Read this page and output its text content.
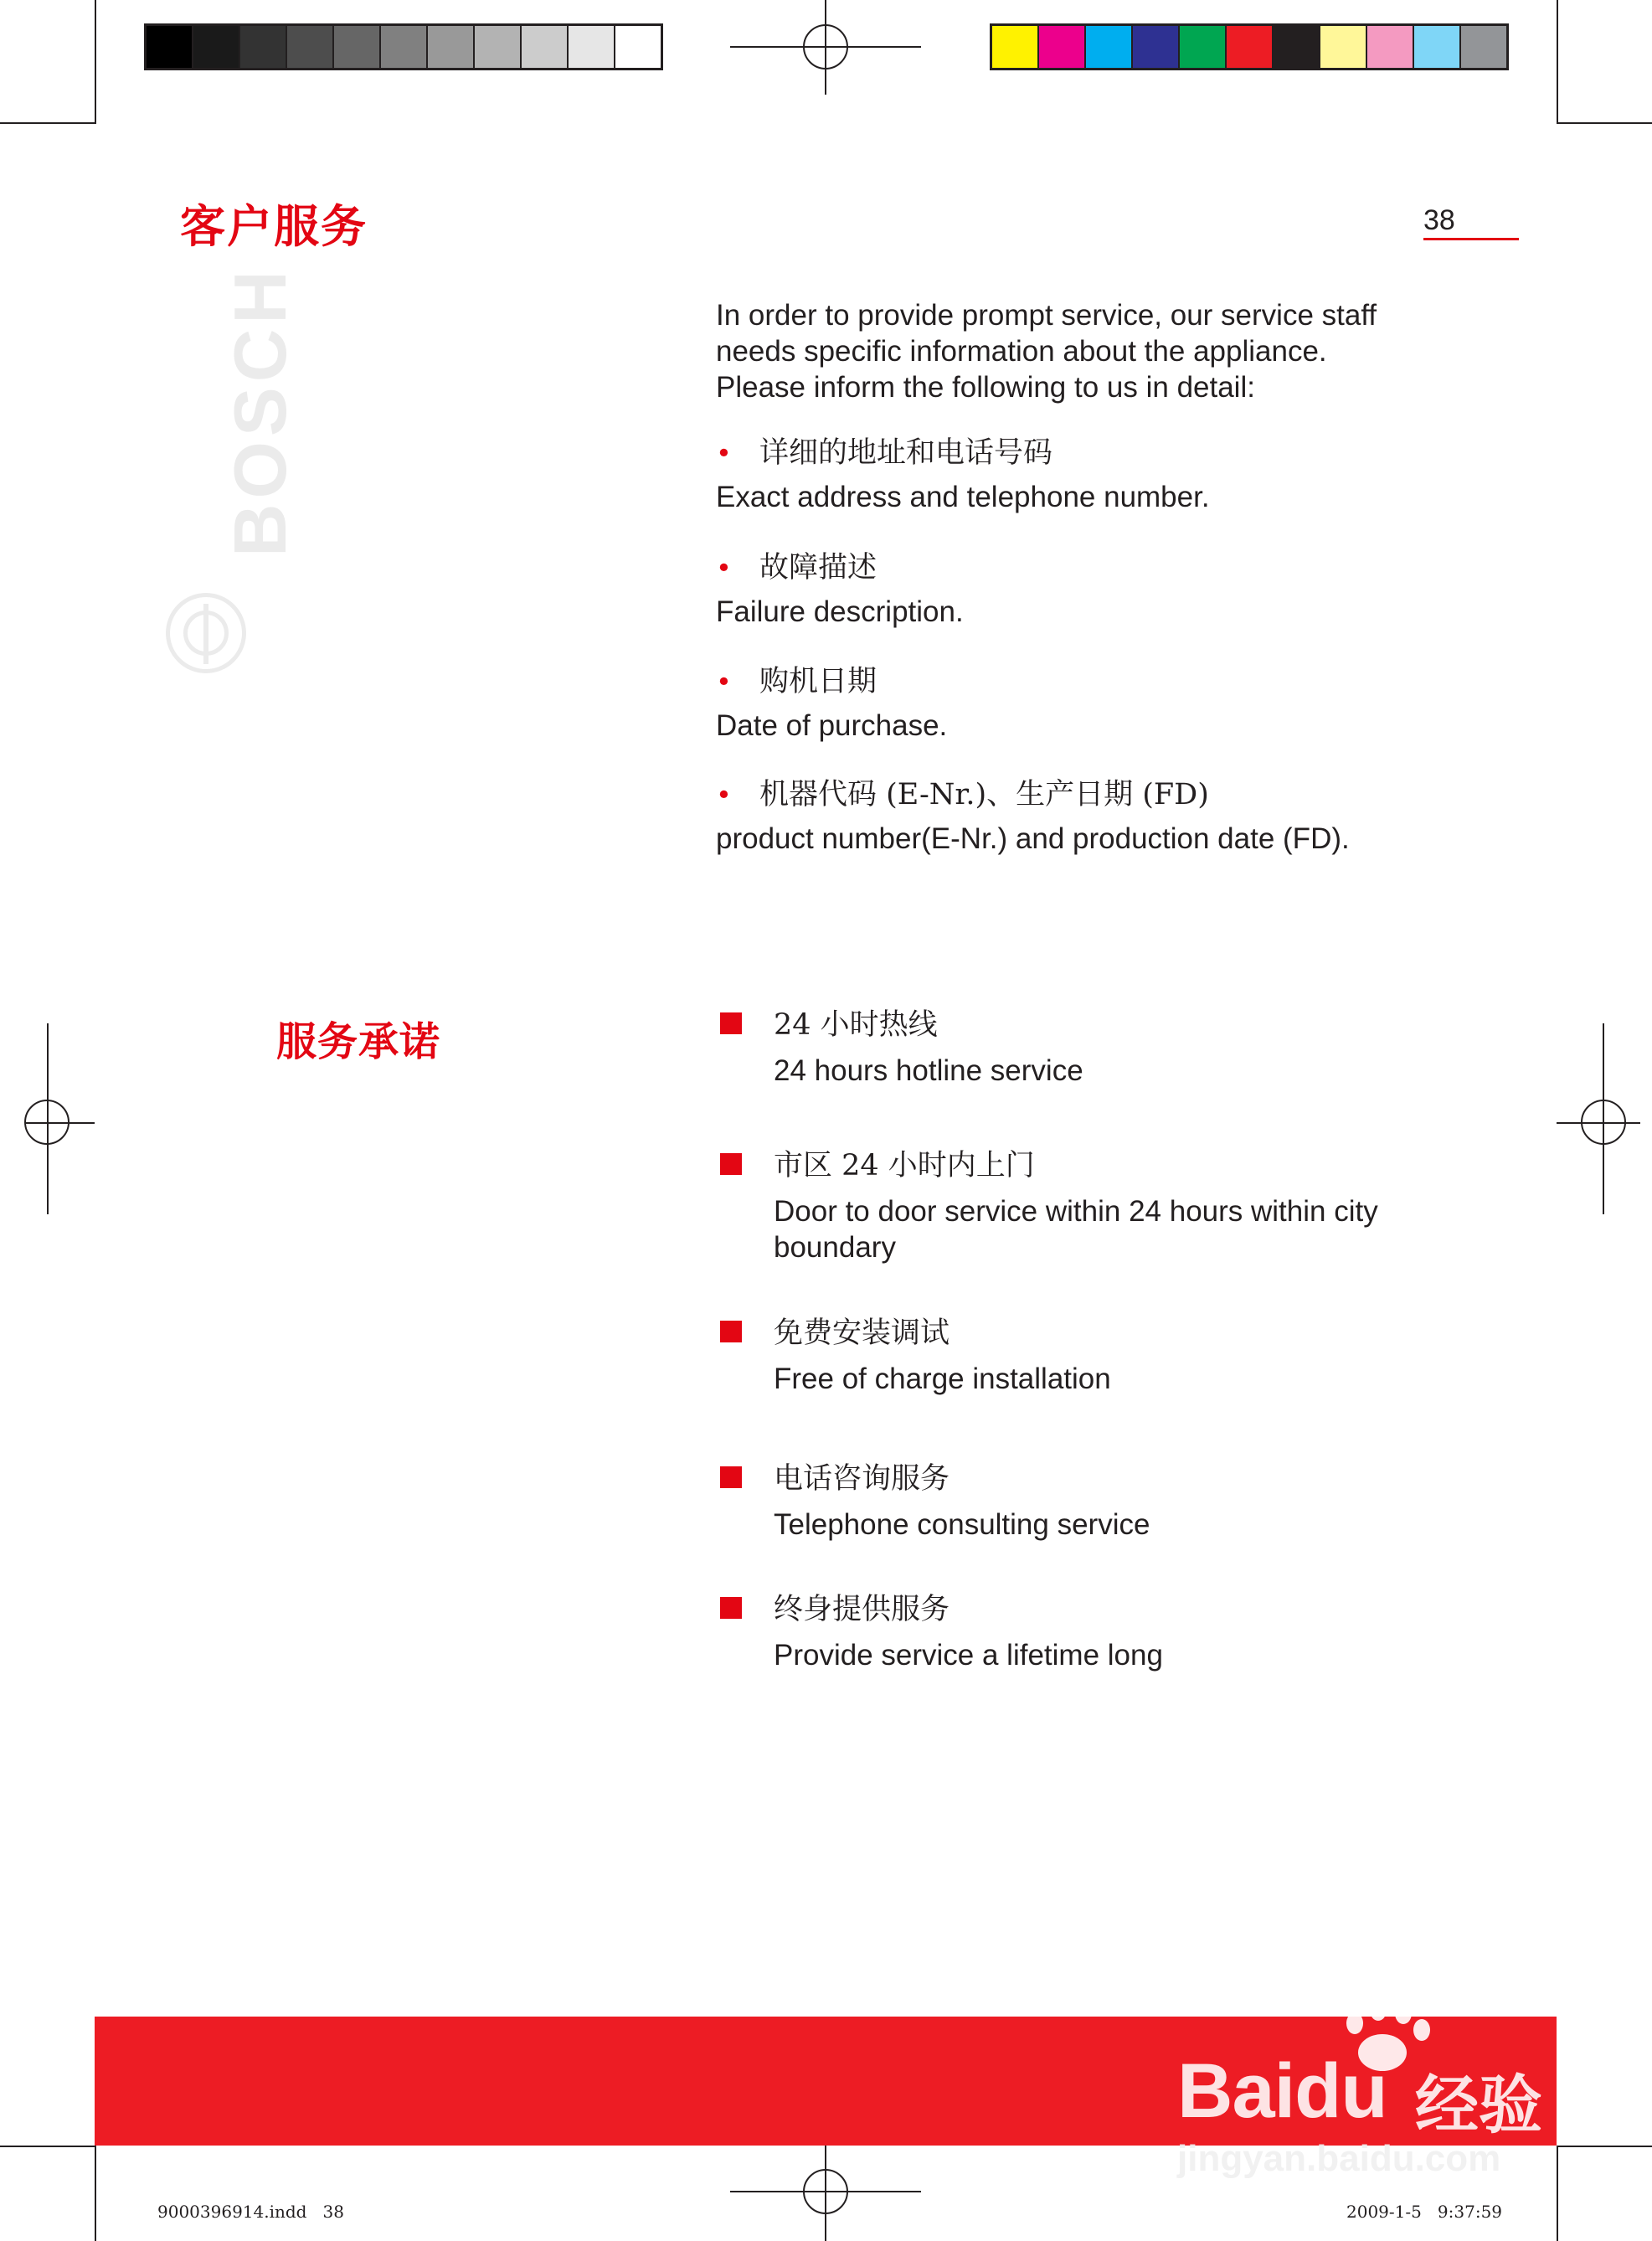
客户服务	38
BOSCH	In order to provide prompt service, our service staff

needs specific information about the appliance.

Please inform the following to us in detail:

• 详细的地址和电话号码
Exact address and telephone number.
• 故障描述
Failure description.
• 购机日期
Date of purchase.
• 机器代码 (E-Nr.)、生产日期 (FD)
product number(E-Nr.) and production date (FD).
服务承诺	24 小时热线
24 hours hotline service
市区 24 小时内上门
Door to door service within 24 hours within city boundary
免费安装调试
Free of charge installation
电话咨询服务
Telephone consulting service
终身提供服务
Provide service a lifetime long
Baidu 经验
jingyan.baidu.com
9000396914.indd   38	2009-1-5   9:37:59
